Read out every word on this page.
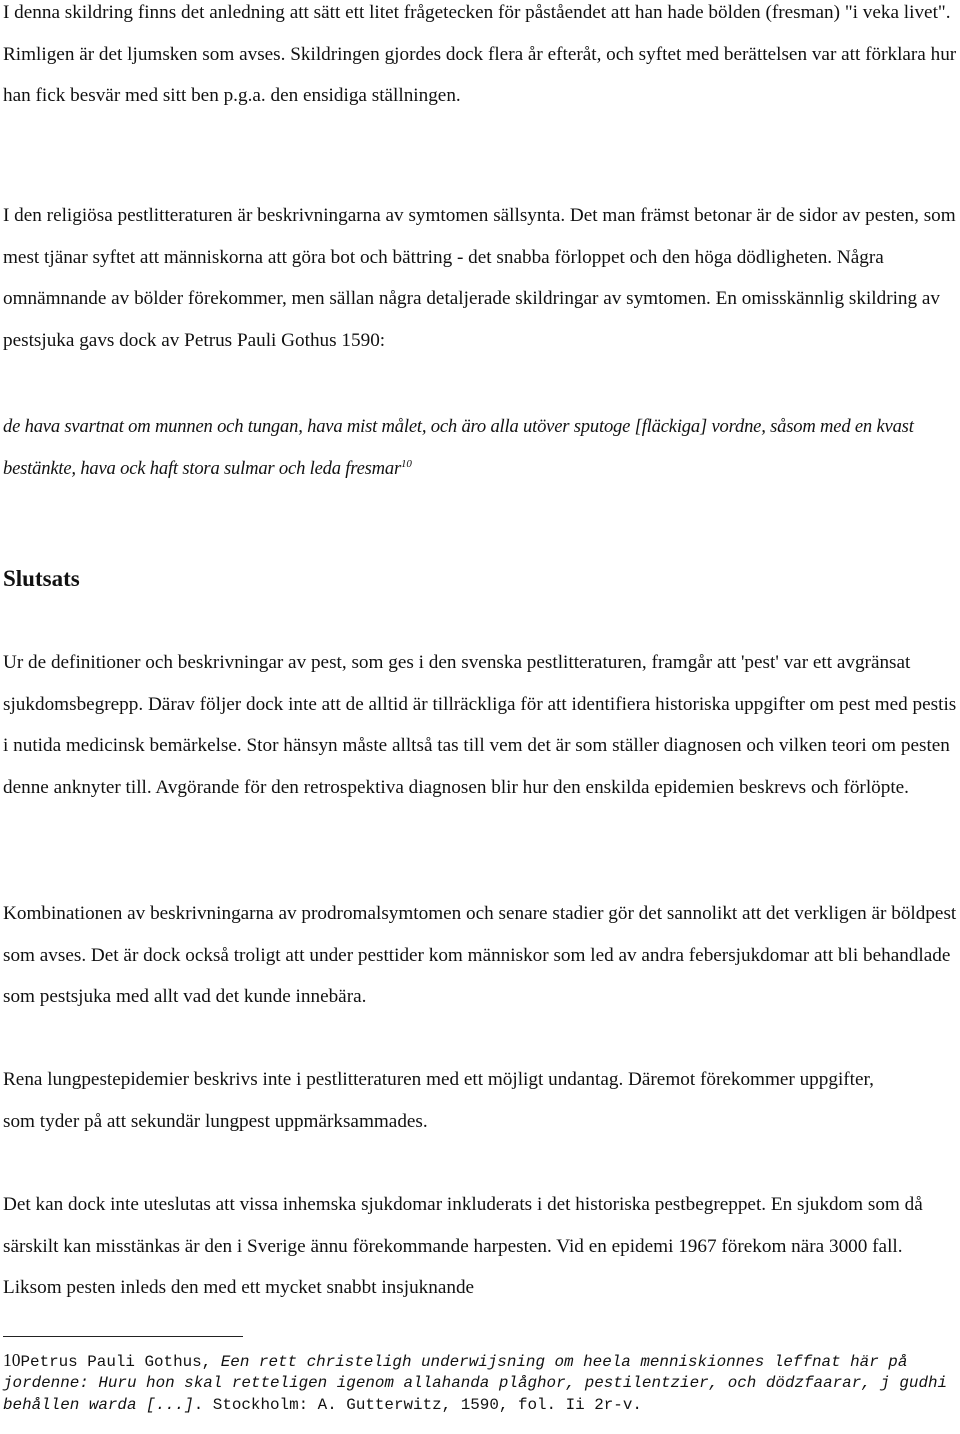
I denna skildring finns det anledning att sätt ett litet frågetecken för påståendet att han hade bölden (fresman) "i veka livet". Rimligen är det ljumsken som avses. Skildringen gjordes dock flera år efteråt, och syftet med berättelsen var att förklara hur han fick besvär med sitt ben p.g.a. den ensidiga ställningen.

I den religiösa pestlitteraturen är beskrivningarna av symtomen sällsynta. Det man främst betonar är de sidor av pesten, som mest tjänar syftet att människorna att göra bot och bättring - det snabba förloppet och den höga dödligheten. Några omnämnande av bölder förekommer, men sällan några detaljerade skildringar av symtomen. En omisskännlig skildring av pestsjuka gavs dock av Petrus Pauli Gothus 1590:

de hava svartnat om munnen och tungan, hava mist målet, och äro alla utöver sputoge [fläckiga] vordne, såsom med en kvast bestänkte, hava ock haft stora sulmar och leda fresmar$^{10}$

Slutsats

Ur de definitioner och beskrivningar av pest, som ges i den svenska pestlitteraturen, framgår att 'pest' var ett avgränsat sjukdomsbegrepp. Därav följer dock inte att de alltid är tillräckliga för att identifiera historiska uppgifter om pest med pestis i nutida medicinsk bemärkelse. Stor hänsyn måste alltså tas till vem det är som ställer diagnosen och vilken teori om pesten denne anknyter till. Avgörande för den retrospektiva diagnosen blir hur den enskilda epidemien beskrevs och förlöpte.

Kombinationen av beskrivningarna av prodromalsymtomen och senare stadier gör det sannolikt att det verkligen är böldpest som avses. Det är dock också troligt att under pesttider kom människor som led av andra febersjukdomar att bli behandlade som pestsjuka med allt vad det kunde innebära.

Rena lungpestepidemier beskrivs inte i pestlitteraturen med ett möjligt undantag. Däremot förekommer uppgifter, som tyder på att sekundär lungpest uppmärksammades.

Det kan dock inte uteslutas att vissa inhemska sjukdomar inkluderats i det historiska pestbegreppet. En sjukdom som då särskilt kan misstänkas är den i Sverige ännu förekommande harpesten. Vid en epidemi 1967 förekom nära 3000 fall. Liksom pesten inleds den med ett mycket snabbt insjuknande

10Petrus Pauli Gothus, Een rett christeligh underwijsning om heela menniskionnes leffnat här på jordenne: Huru hon skal retteligen igenom allahanda plåghor, pestilentzier, och dödzfaarar, j gudhi behållen warda [...]. Stockholm: A. Gutterwitz, 1590, fol. Ii 2r-v.
